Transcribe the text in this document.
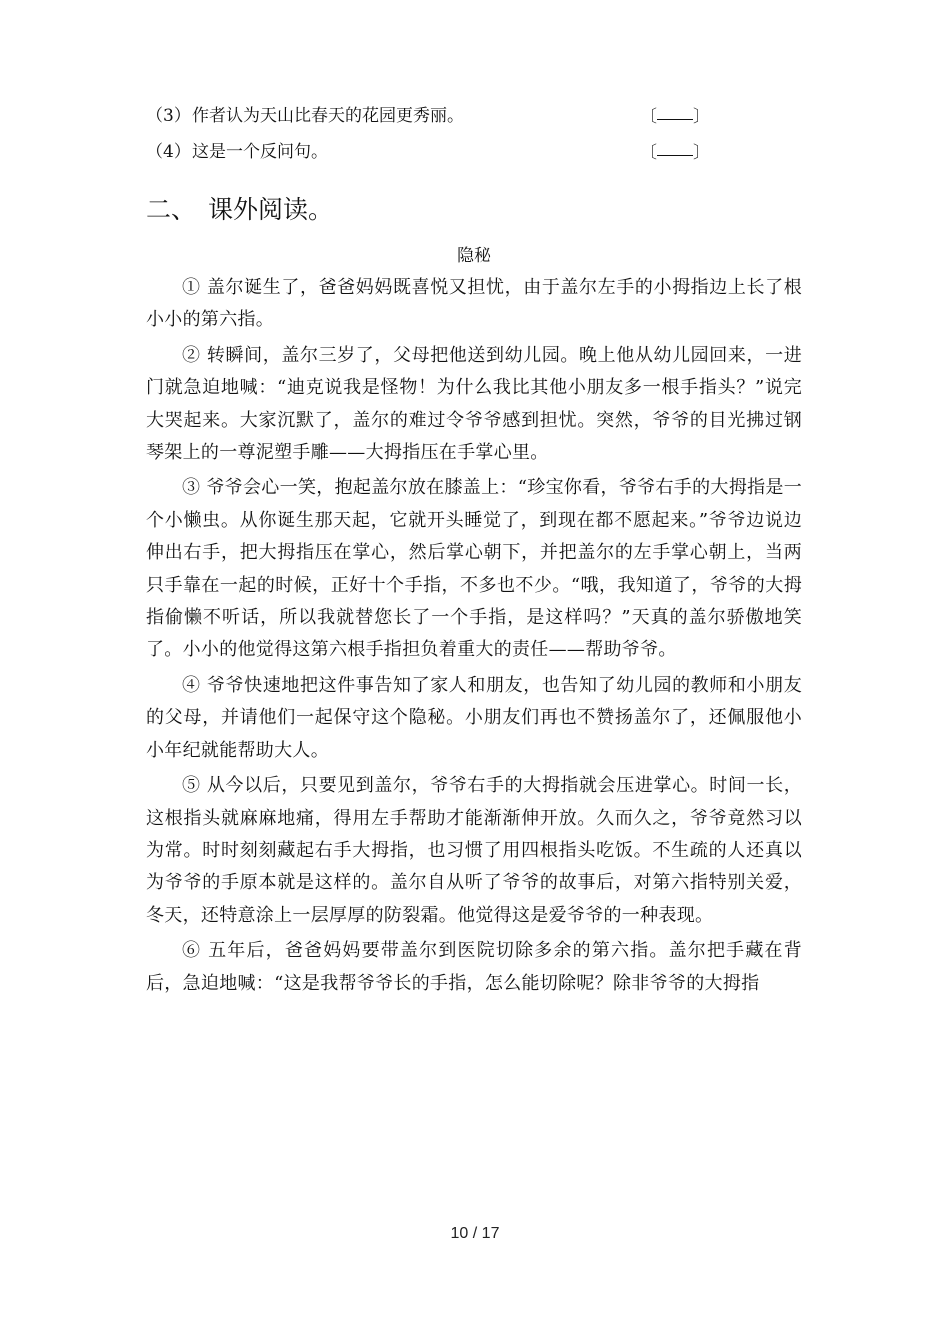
（3）作者认为天山比春天的花园更秀丽。	〔 〕
（4）这是一个反问句。	〔 〕
二、 课外阅读。
隐秘

① 盖尔诞生了，爸爸妈妈既喜悦又担忧，由于盖尔左手的小拇指边上长了根小小的第六指。

② 转瞬间，盖尔三岁了，父母把他送到幼儿园。晚上他从幼儿园回来，一进门就急迫地喊：“迪克说我是怪物！为什么我比其他小朋友多一根手指头？”说完大哭起来。大家沉默了，盖尔的难过令爷爷感到担忧。突然，爷爷的目光拂过钢琴架上的一尊泥塑手雕——大拇指压在手掌心里。

③ 爷爷会心一笑，抱起盖尔放在膝盖上：“珍宝你看，爷爷右手的大拇指是一个小懒虫。从你诞生那天起，它就开头睡觉了，到现在都不愿起来。”爷爷边说边伸出右手，把大拇指压在掌心，然后掌心朝下，并把盖尔的左手掌心朝上，当两只手靠在一起的时候，正好十个手指，不多也不少。“哦，我知道了，爷爷的大拇指偷懒不听话，所以我就替您长了一个手指，是这样吗？”天真的盖尔骄傲地笑了。小小的他觉得这第六根手指担负着重大的责任——帮助爷爷。

④ 爷爷快速地把这件事告知了家人和朋友，也告知了幼儿园的教师和小朋友的父母，并请他们一起保守这个隐秘。小朋友们再也不赞扬盖尔了，还佩服他小小年纪就能帮助大人。

⑤ 从今以后，只要见到盖尔，爷爷右手的大拇指就会压进掌心。时间一长，这根指头就麻麻地痛，得用左手帮助才能渐渐伸开放。久而久之，爷爷竟然习以为常。时时刻刻藏起右手大拇指，也习惯了用四根指头吃饭。不生疏的人还真以为爷爷的手原本就是这样的。盖尔自从听了爷爷的故事后，对第六指特别关爱，冬天，还特意涂上一层厚厚的防裂霜。他觉得这是爱爷爷的一种表现。

⑥ 五年后，爸爸妈妈要带盖尔到医院切除多余的第六指。盖尔把手藏在背后，急迫地喊：“这是我帮爷爷长的手指，怎么能切除呢？除非爷爷的大拇指

10 / 17
